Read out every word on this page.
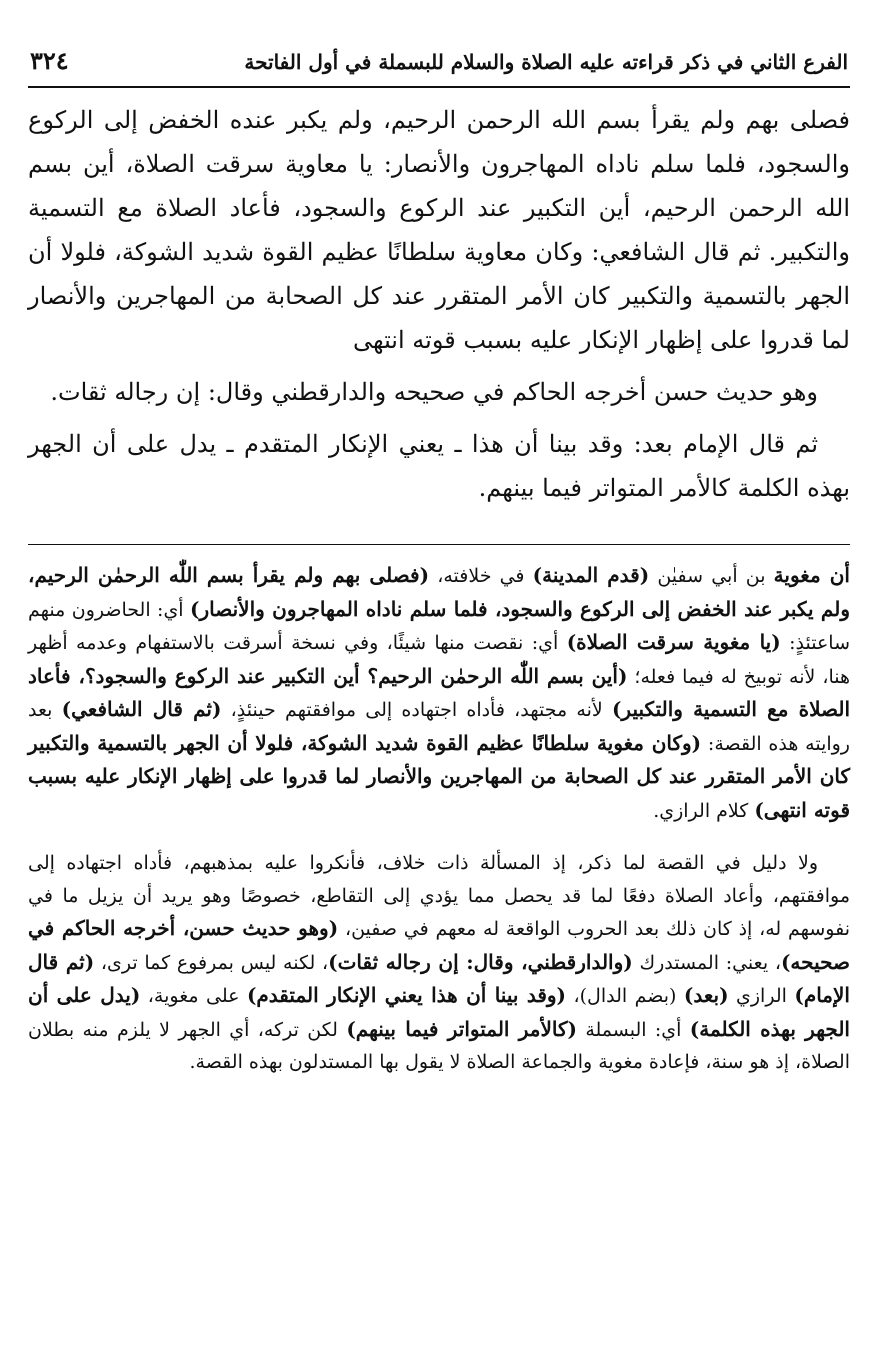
الفرع الثاني في ذكر قراءته عليه الصلاة والسلام للبسملة في أول الفاتحة
٣٢٤

فصلى بهم ولم يقرأ بسم الله الرحمن الرحيم، ولم يكبر عنده الخفض إلى الركوع والسجود، فلما سلم ناداه المهاجرون والأنصار: يا معاوية سرقت الصلاة، أين بسم الله الرحمن الرحيم، أين التكبير عند الركوع والسجود، فأعاد الصلاة مع التسمية والتكبير. ثم قال الشافعي: وكان معاوية سلطانًا عظيم القوة شديد الشوكة، فلولا أن الجهر بالتسمية والتكبير كان الأمر المتقرر عند كل الصحابة من المهاجرين والأنصار لما قدروا على إظهار الإنكار عليه بسبب قوته انتهى

وهو حديث حسن أخرجه الحاكم في صحيحه والدارقطني وقال: إن رجاله ثقات.

ثم قال الإمام بعد: وقد بينا أن هذا ـ يعني الإنكار المتقدم ـ يدل على أن الجهر بهذه الكلمة كالأمر المتواتر فيما بينهم.

أن مغوية بن أبي سفيٰن (قدم المدينة) في خلافته، (فصلى بهم ولم يقرأ بسم اللّٰه الرحمٰن الرحيم، ولم يكبر عند الخفض إلى الركوع والسجود، فلما سلم ناداه المهاجرون والأنصار) أي: الحاضرون منهم ساعتئذٍ: (يا مغوية سرقت الصلاة) أي: نقصت منها شيئًا، وفي نسخة أسرقت بالاستفهام وعدمه أظهر هنا، لأنه توبيخ له فيما فعله؛ (أين بسم اللّٰه الرحمٰن الرحيم؟ أين التكبير عند الركوع والسجود؟، فأعاد الصلاة مع التسمية والتكبير) لأنه مجتهد، فأداه اجتهاده إلى موافقتهم حينئذٍ، (ثم قال الشافعي) بعد روايته هذه القصة: (وكان مغوية سلطانًا عظيم القوة شديد الشوكة، فلولا أن الجهر بالتسمية والتكبير كان الأمر المتقرر عند كل الصحابة من المهاجرين والأنصار لما قدروا على إظهار الإنكار عليه بسبب قوته انتهى) كلام الرازي.

ولا دليل في القصة لما ذكر، إذ المسألة ذات خلاف، فأنكروا عليه بمذهبهم، فأداه اجتهاده إلى موافقتهم، وأعاد الصلاة دفعًا لما قد يحصل مما يؤدي إلى التقاطع، خصوصًا وهو يريد أن يزيل ما في نفوسهم له، إذ كان ذلك بعد الحروب الواقعة له معهم في صفين، (وهو حديث حسن، أخرجه الحاكم في صحيحه)، يعني: المستدرك (والدارقطني، وقال: إن رجاله ثقات)، لكنه ليس بمرفوع كما ترى، (ثم قال الإمام) الرازي (بعد) (بضم الدال)، (وقد بينا أن هذا يعني الإنكار المتقدم) على مغوية، (يدل على أن الجهر بهذه الكلمة) أي: البسملة (كالأمر المتواتر فيما بينهم) لكن تركه، أي الجهر لا يلزم منه بطلان الصلاة، إذ هو سنة، فإعادة مغوية والجماعة الصلاة لا يقول بها المستدلون بهذه القصة.
